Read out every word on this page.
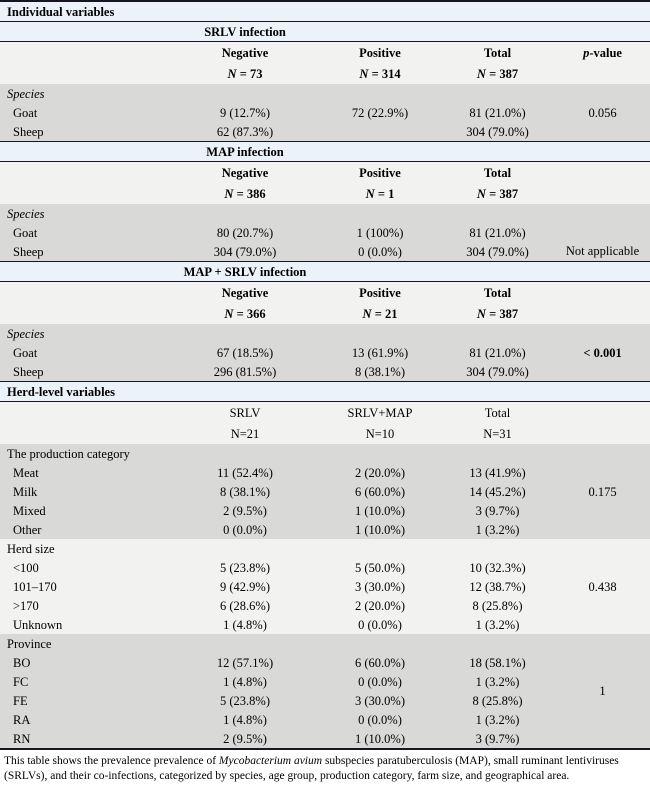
Individual variables				
	SRLV infection			
	Negative	Positive	Total	p-value
	N = 73	N = 314	N = 387	
Species				0.056
Goat	9 (12.7%)	72 (22.9%)	81 (21.0%)	
Sheep	62 (87.3%)		304 (79.0%)	
	MAP infection			
	Negative	Positive	Total	
	N = 386	N = 1	N = 387	
Species				Not applicable
Goat	80 (20.7%)	1 (100%)	81 (21.0%)	
Sheep	304 (79.0%)	0 (0.0%)	304 (79.0%)	
	MAP + SRLV infection			
	Negative	Positive	Total	
	N = 366	N = 21	N = 387	
Species				< 0.001
Goat	67 (18.5%)	13 (61.9%)	81 (21.0%)	
Sheep	296 (81.5%)	8 (38.1%)	304 (79.0%)	
Herd-level variables				
	SRLV	SRLV+MAP	Total	
	N=21	N=10	N=31	
The production category				0.175
Meat	11 (52.4%)	2 (20.0%)	13 (41.9%)	
Milk	8 (38.1%)	6 (60.0%)	14 (45.2%)	
Mixed	2 (9.5%)	1 (10.0%)	3 (9.7%)	
Other	0 (0.0%)	1 (10.0%)	1 (3.2%)	
Herd size				0.438
<100	5 (23.8%)	5 (50.0%)	10 (32.3%)	
101–170	9 (42.9%)	3 (30.0%)	12 (38.7%)	
>170	6 (28.6%)	2 (20.0%)	8 (25.8%)	
Unknown	1 (4.8%)	0 (0.0%)	1 (3.2%)	
Province				1
BO	12 (57.1%)	6 (60.0%)	18 (58.1%)	
FC	1 (4.8%)	0 (0.0%)	1 (3.2%)	
FE	5 (23.8%)	3 (30.0%)	8 (25.8%)	
RA	1 (4.8%)	0 (0.0%)	1 (3.2%)	
RN	2 (9.5%)	1 (10.0%)	3 (9.7%)	
This table shows the prevalence prevalence of Mycobacterium avium subspecies paratuberculosis (MAP), small ruminant lentiviruses (SRLVs), and their co-infections, categorized by species, age group, production category, farm size, and geographical area.
